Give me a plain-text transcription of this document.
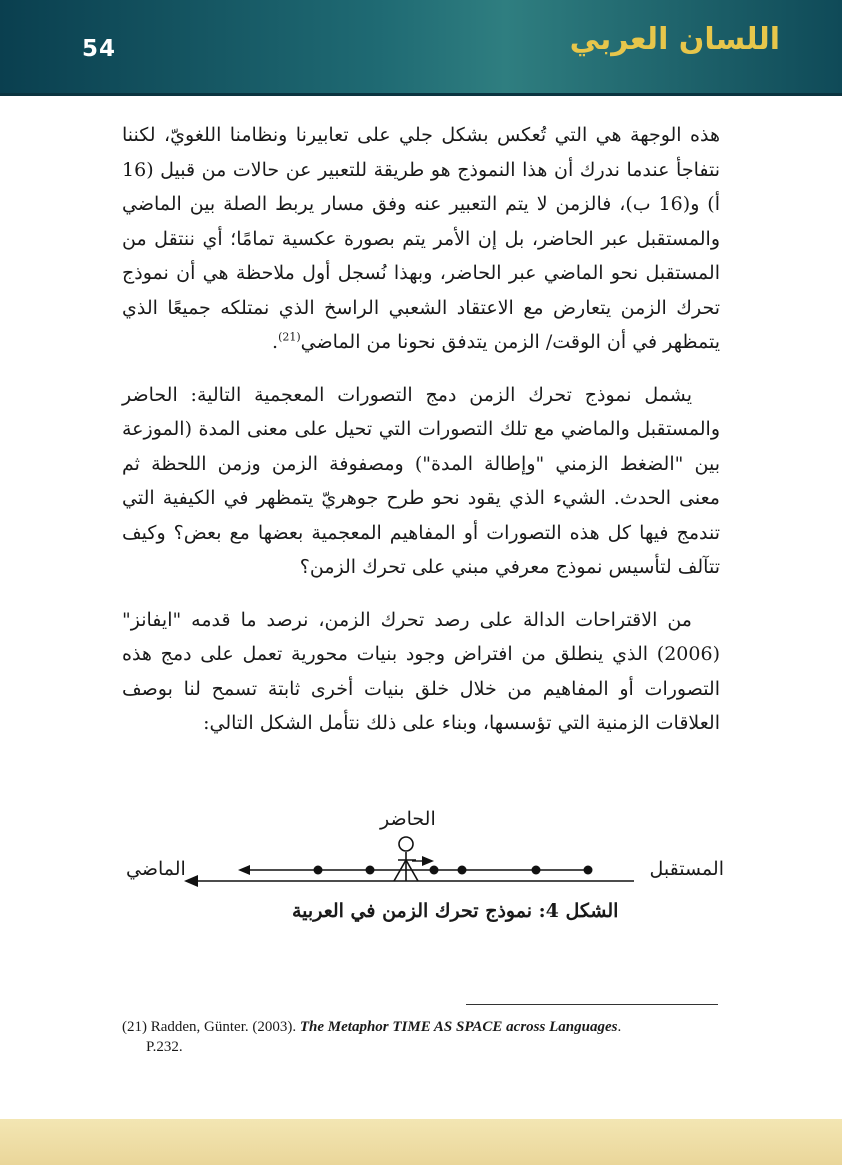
54	اللسان العربي

هذه الوجهة هي التي تُعكس بشكل جلي على تعابيرنا ونظامنا اللغويّ، لكننا نتفاجأ عندما ندرك أن هذا النموذج هو طريقة للتعبير عن حالات من قبيل (16 أ) و(16 ب)، فالزمن لا يتم التعبير عنه وفق مسار يربط الصلة بين الماضي والمستقبل عبر الحاضر، بل إن الأمر يتم بصورة عكسية تمامًا؛ أي ننتقل من المستقبل نحو الماضي عبر الحاضر، وبهذا نُسجل أول ملاحظة هي أن نموذج تحرك الزمن يتعارض مع الاعتقاد الشعبي الراسخ الذي نمتلكه جميعًا الذي يتمظهر في أن الوقت/ الزمن يتدفق نحونا من الماضي$^{(21)}$.

يشمل نموذج تحرك الزمن دمج التصورات المعجمية التالية: الحاضر والمستقبل والماضي مع تلك التصورات التي تحيل على معنى المدة (الموزعة بين "الضغط الزمني "وإطالة المدة") ومصفوفة الزمن وزمن اللحظة ثم معنى الحدث. الشيء الذي يقود نحو طرح جوهريّ يتمظهر في الكيفية التي تندمج فيها كل هذه التصورات أو المفاهيم المعجمية بعضها مع بعض؟ وكيف تتآلف لتأسيس نموذج معرفي مبني على تحرك الزمن؟

من الاقتراحات الدالة على رصد تحرك الزمن، نرصد ما قدمه "ايفانز" (2006) الذي ينطلق من افتراض وجود بنيات محورية تعمل على دمج هذه التصورات أو المفاهيم من خلال خلق بنيات أخرى ثابتة تسمح لنا بوصف العلاقات الزمنية التي تؤسسها، وبناء على ذلك نتأمل الشكل التالي:

الحاضر
المستقبل
الماضي
الشكل 4: نموذج تحرك الزمن في العربية
(21) Radden, Günter. (2003). The Metaphor TIME AS SPACE across Languages.
P.232.
